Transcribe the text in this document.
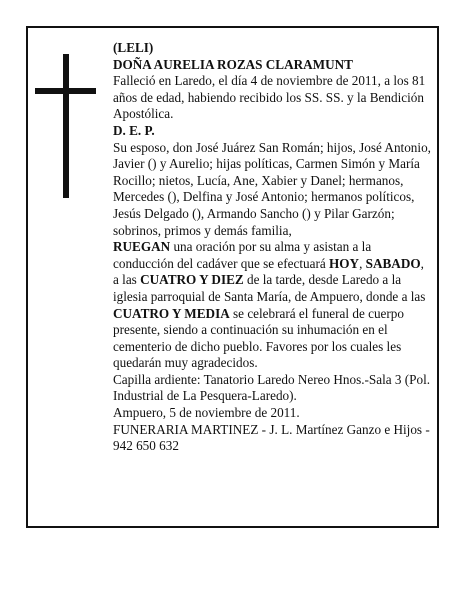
(LELI)

DOÑA AURELIA ROZAS CLARAMUNT

Falleció en Laredo, el día 4 de noviembre de 2011, a los 81 años de edad, habiendo recibido los SS. SS. y la Bendición Apostólica.

D. E. P.

Su esposo, don José Juárez San Román; hijos, José Antonio, Javier () y Aurelio; hijas políticas, Carmen Simón y María Rocillo; nietos, Lucía, Ane, Xabier y Danel; hermanos, Mercedes (), Delfina y José Antonio; hermanos políticos, Jesús Delgado (), Armando Sancho () y Pilar Garzón; sobrinos, primos y demás familia,

RUEGAN una oración por su alma y asistan a la conducción del cadáver que se efectuará HOY, SABADO, a las CUATRO Y DIEZ de la tarde, desde Laredo a la iglesia parroquial de Santa María, de Ampuero, donde a las CUATRO Y MEDIA se celebrará el funeral de cuerpo presente, siendo a continuación su inhumación en el cementerio de dicho pueblo. Favores por los cuales les quedarán muy agradecidos.

Capilla ardiente: Tanatorio Laredo Nereo Hnos.-Sala 3 (Pol. Industrial de La Pesquera-Laredo).

Ampuero, 5 de noviembre de 2011.

FUNERARIA MARTINEZ - J. L. Martínez Ganzo e Hijos - 942 650 632
